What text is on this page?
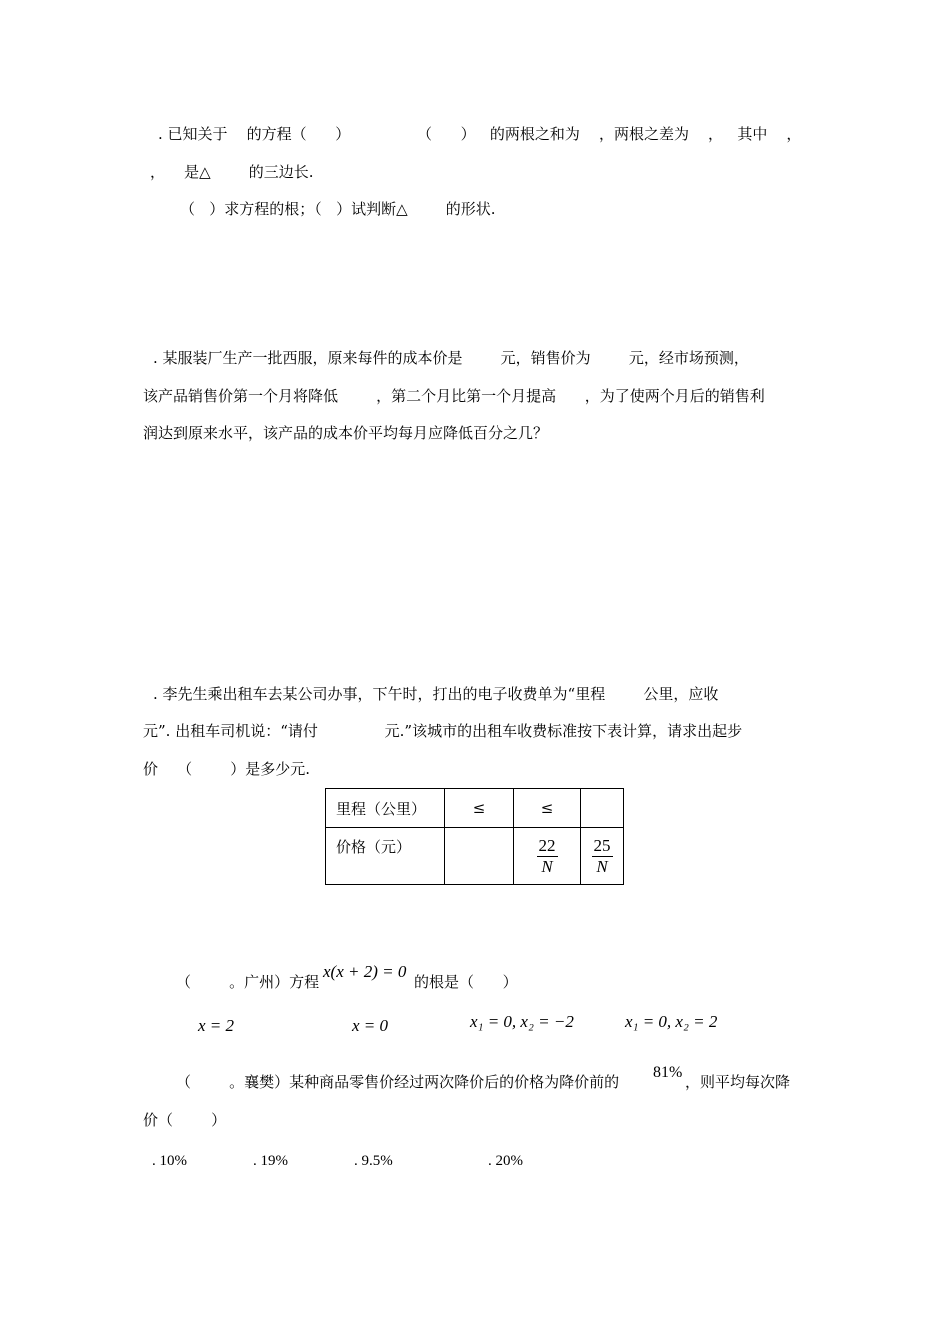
. 已知关于    的方程（      ）              （      ）   的两根之和为    ，两根之差为    ，   其中    ，
，    是△        的三边长.
（   ）求方程的根；（   ）试判断△        的形状.
. 某服装厂生产一批西服，原来每件的成本价是        元，销售价为        元，经市场预测，
该产品销售价第一个月将降低        ，第二个月比第一个月提高      ，为了使两个月后的销售利
润达到原来水平，该产品的成本价平均每月应降低百分之几？
. 李先生乘出租车去某公司办事，下午时，打出的电子收费单为“里程        公里，应收
元”. 出租车司机说：“请付              元.”该城市的出租车收费标准按下表计算，请求出起步
价    （        ）是多少元.
里程（公里）	≤	≤	
价格（元）		$\frac{22}{N}$	$\frac{25}{N}$
（        。广州）方程
x(x + 2) = 0
的根是（      ）
x = 2	x = 0	x₁ = 0, x₂ = −2	x₁ = 0, x₂ = 2
（        。襄樊）某种商品零售价经过两次降价后的价格为降价前的
81%
，则平均每次降
价（        ）
. 10%	. 19%	. 9.5%	. 20%
